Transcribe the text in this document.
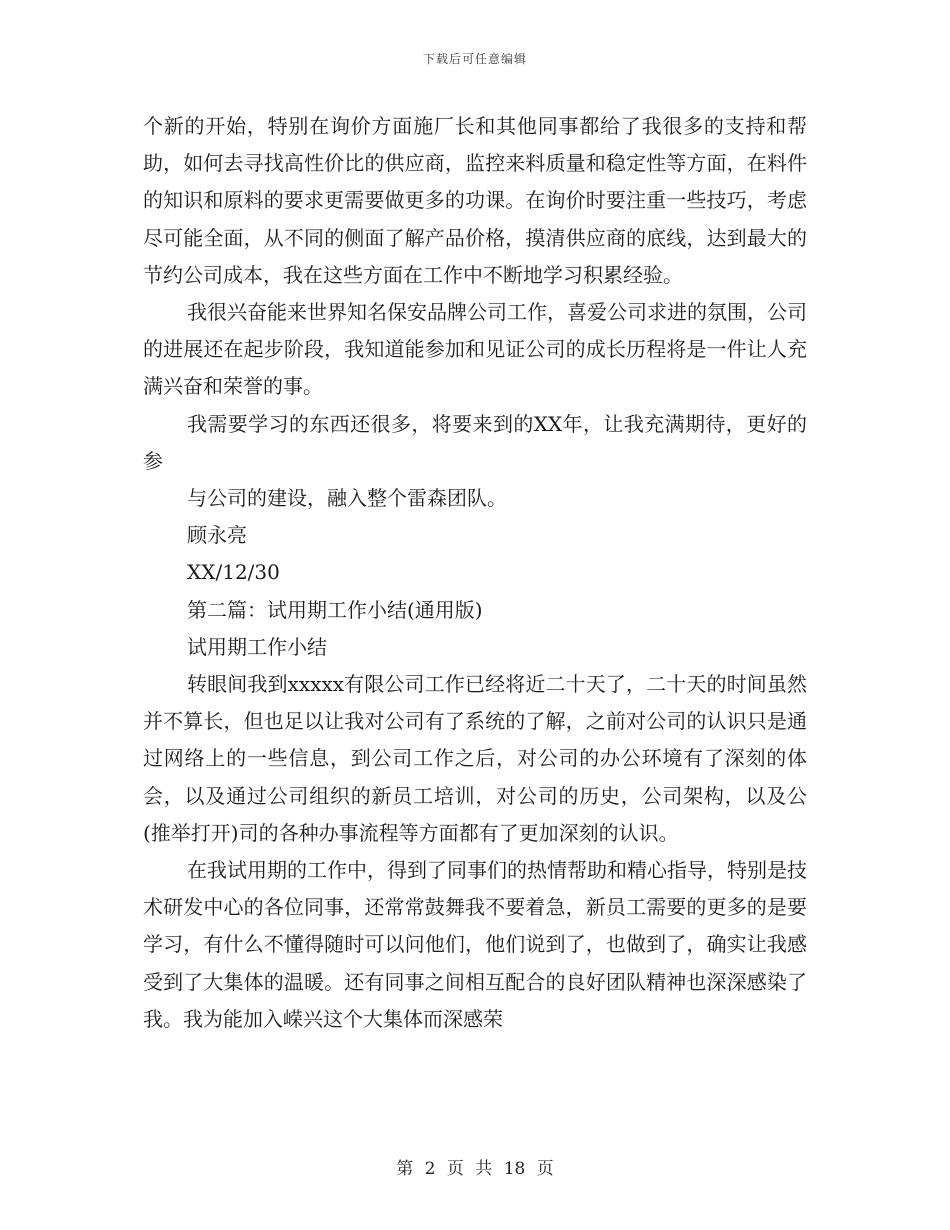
下载后可任意编辑

个新的开始，特别在询价方面施厂长和其他同事都给了我很多的支持和帮助，如何去寻找高性价比的供应商，监控来料质量和稳定性等方面，在料件的知识和原料的要求更需要做更多的功课。在询价时要注重一些技巧，考虑尽可能全面，从不同的侧面了解产品价格，摸清供应商的底线，达到最大的节约公司成本，我在这些方面在工作中不断地学习积累经验。

我很兴奋能来世界知名保安品牌公司工作，喜爱公司求进的氛围，公司的进展还在起步阶段，我知道能参加和见证公司的成长历程将是一件让人充满兴奋和荣誉的事。

我需要学习的东西还很多，将要来到的XX年，让我充满期待，更好的参

与公司的建设，融入整个雷森团队。

顾永亮

XX/12/30

第二篇：试用期工作小结(通用版)

试用期工作小结

转眼间我到xxxxx有限公司工作已经将近二十天了，二十天的时间虽然并不算长，但也足以让我对公司有了系统的了解，之前对公司的认识只是通过网络上的一些信息，到公司工作之后，对公司的办公环境有了深刻的体会，以及通过公司组织的新员工培训，对公司的历史，公司架构，以及公(推举打开)司的各种办事流程等方面都有了更加深刻的认识。

在我试用期的工作中，得到了同事们的热情帮助和精心指导，特别是技术研发中心的各位同事，还常常鼓舞我不要着急，新员工需要的更多的是要学习，有什么不懂得随时可以问他们，他们说到了，也做到了，确实让我感受到了大集体的温暖。还有同事之间相互配合的良好团队精神也深深感染了我。我为能加入嵘兴这个大集体而深感荣

第 2 页 共 18 页
